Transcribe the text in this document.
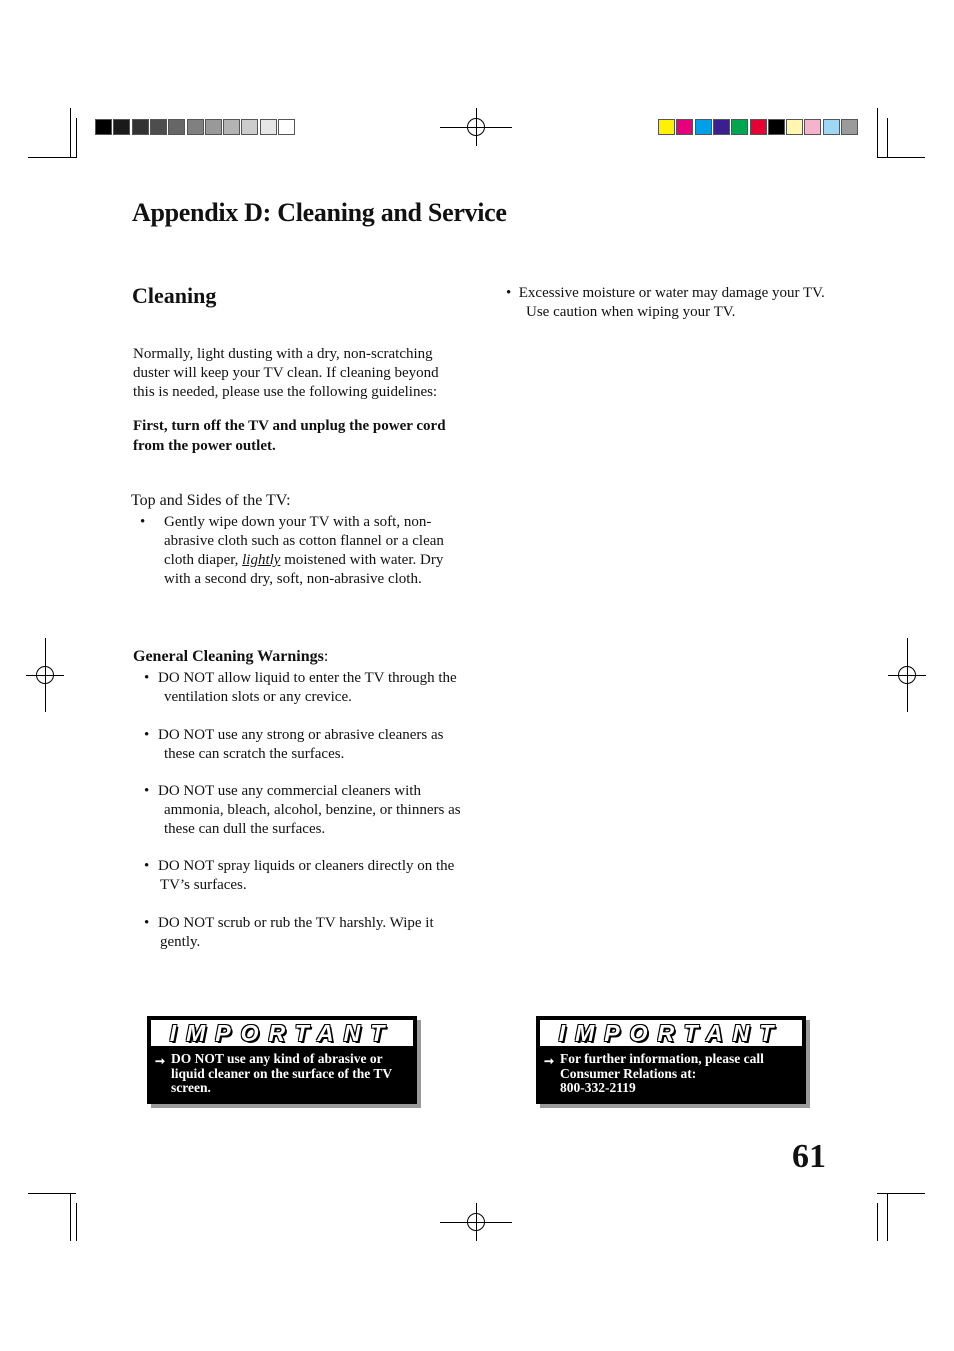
Appendix D: Cleaning and Service
Cleaning
Normally, light dusting with a dry, non-scratching
duster will keep your TV clean. If cleaning beyond
this is needed, please use the following guidelines:
First, turn off the TV and unplug the power cord
from the power outlet.
Top and Sides of the TV:
• Gently wipe down your TV with a soft, non-
abrasive cloth such as cotton flannel or a clean
cloth diaper, lightly moistened with water. Dry
with a second dry, soft, non-abrasive cloth.
General Cleaning Warnings:
DO NOT allow liquid to enter the TV through the
ventilation slots or any crevice.
•
DO NOT use any strong or abrasive cleaners as
these can scratch the surfaces.
•
DO NOT use any commercial cleaners with
ammonia, bleach, alcohol, benzine, or thinners as
these can dull the surfaces.
•
DO NOT spray liquids or cleaners directly on the
TV’s surfaces.
•
DO NOT scrub or rub the TV harshly. Wipe it
gently.
•
•  Excessive moisture or water may damage your TV.
Use caution when wiping your TV.
IMPORTANT
➞ DO NOT use any kind of abrasive or
liquid cleaner on the surface of the TV
screen.
IMPORTANT
➞ For further information, please call
Consumer Relations at:
800-332-2119
61
